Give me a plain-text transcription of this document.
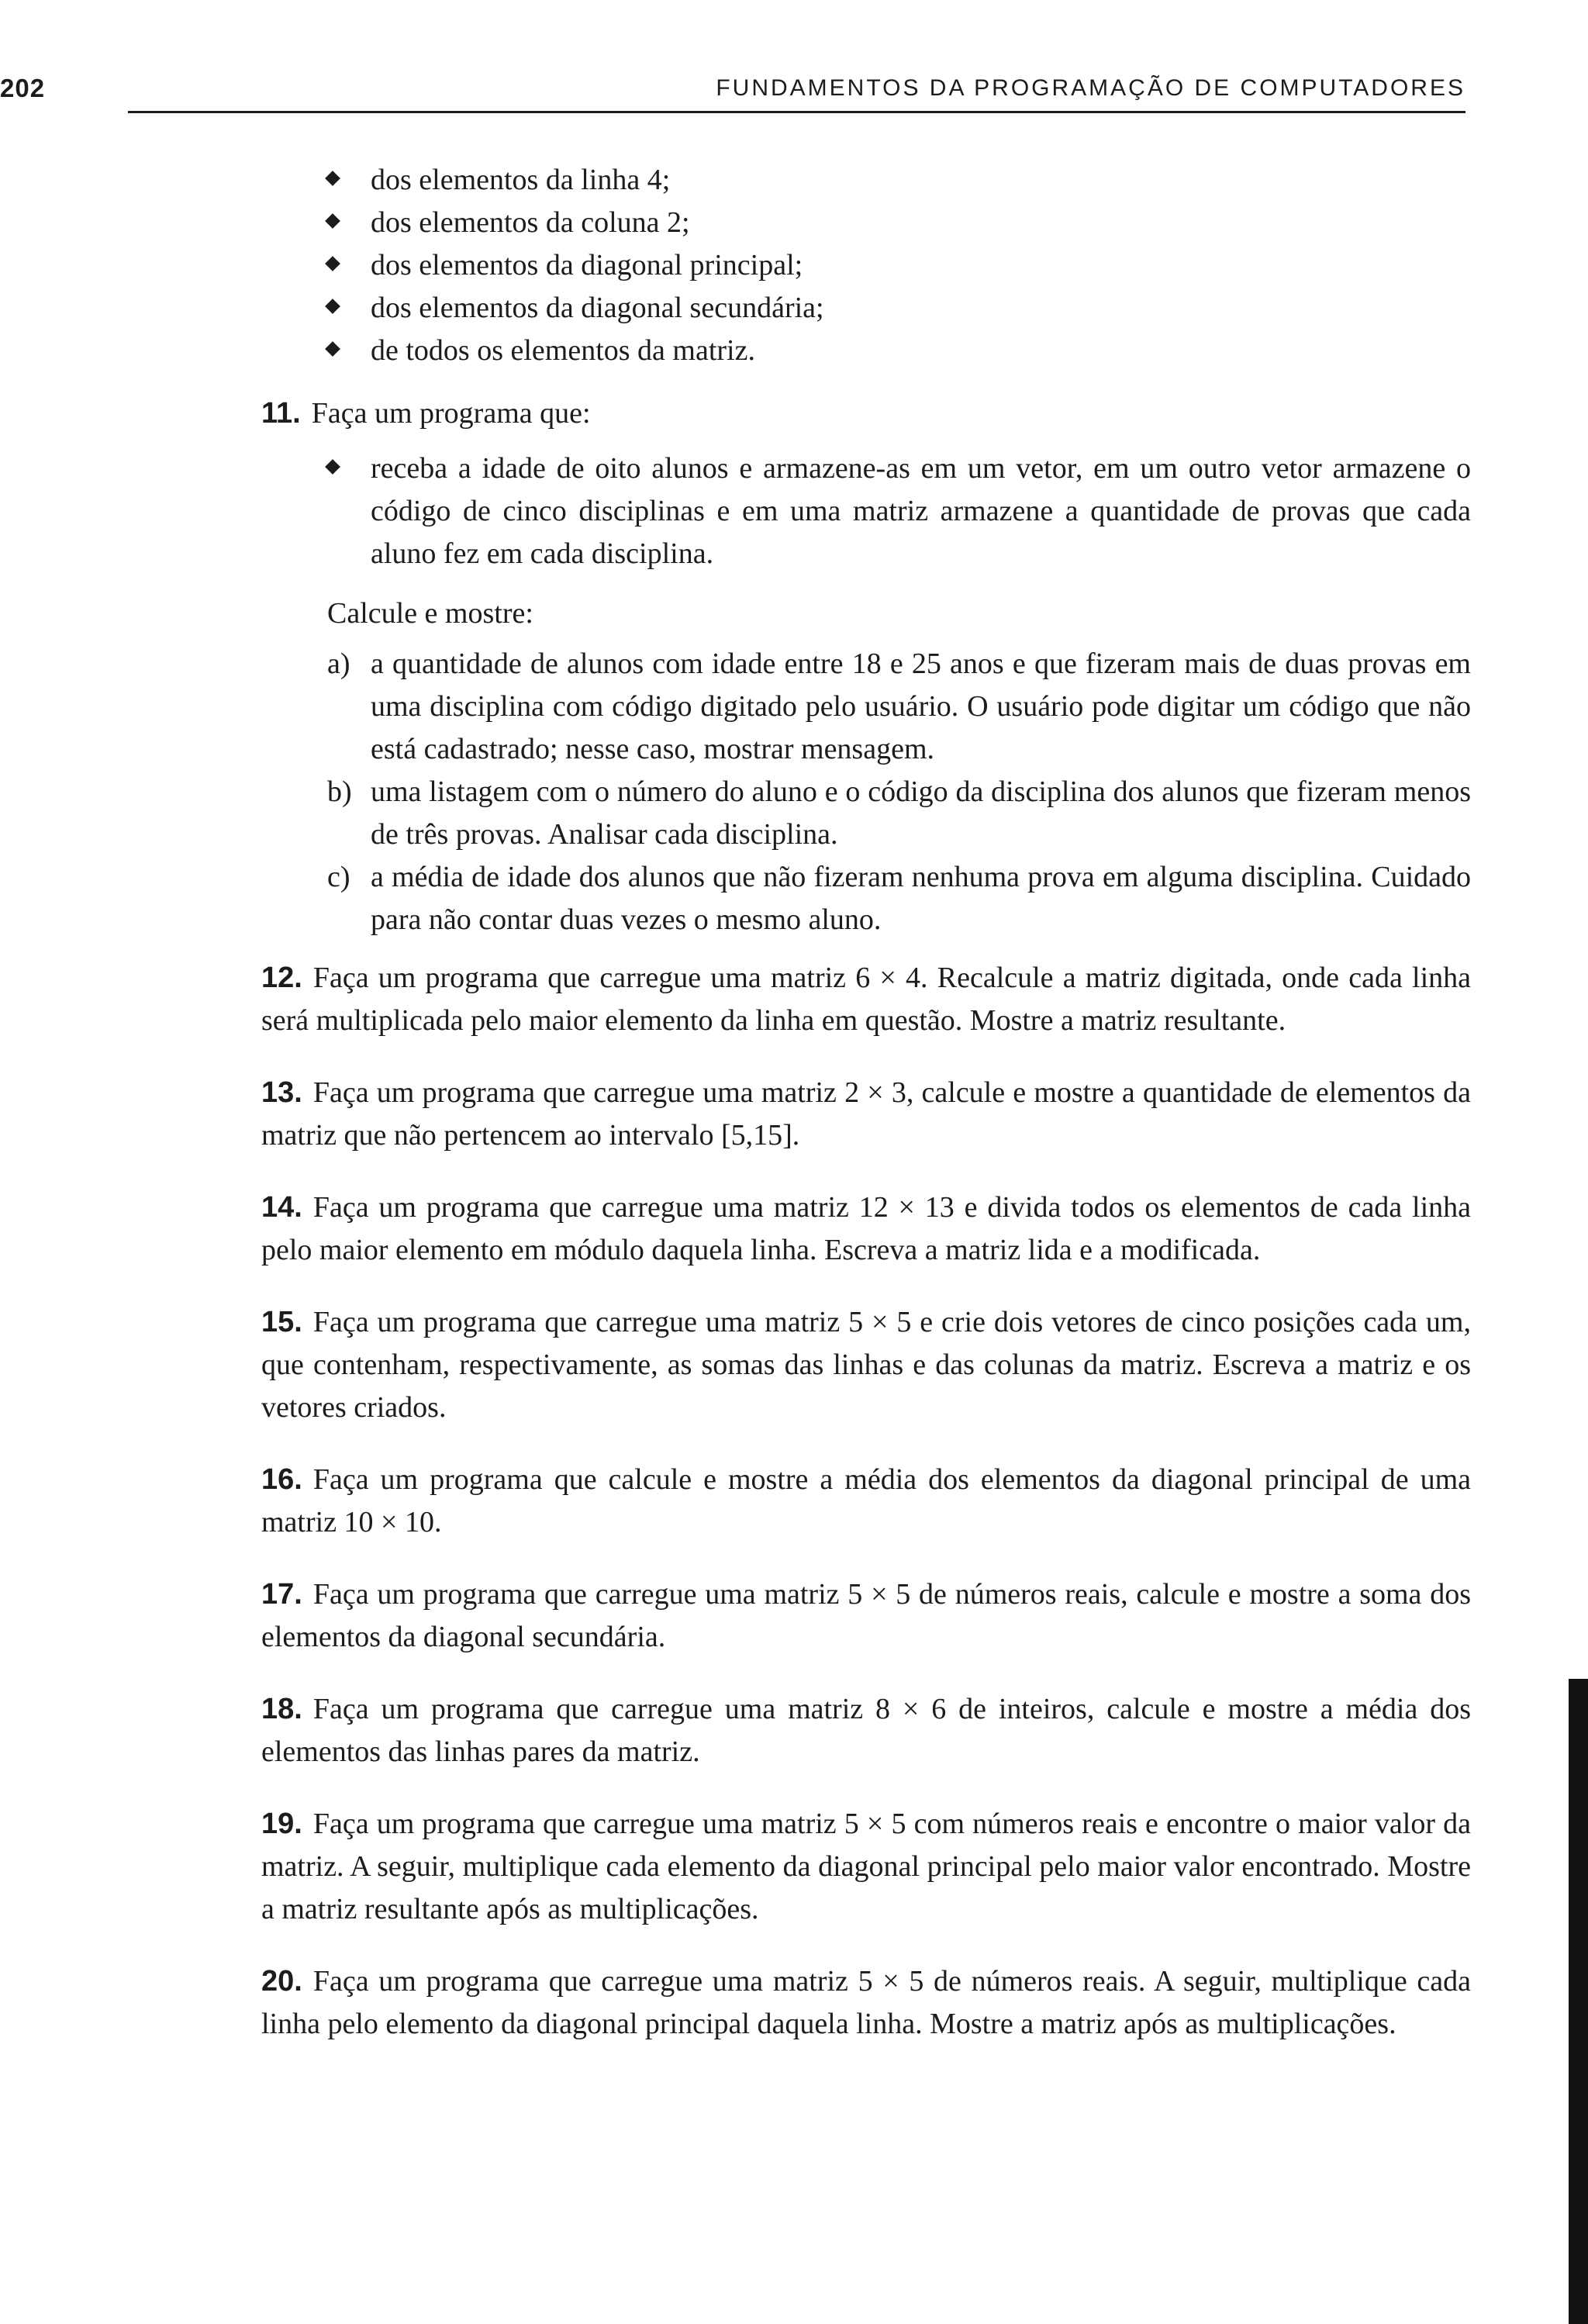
202	FUNDAMENTOS DA PROGRAMAÇÃO DE COMPUTADORES
dos elementos da linha 4;
dos elementos da coluna 2;
dos elementos da diagonal principal;
dos elementos da diagonal secundária;
de todos os elementos da matriz.
11. Faça um programa que:
receba a idade de oito alunos e armazene-as em um vetor, em um outro vetor armazene o código de cinco disciplinas e em uma matriz armazene a quantidade de provas que cada aluno fez em cada disciplina.
Calcule e mostre:
a) a quantidade de alunos com idade entre 18 e 25 anos e que fizeram mais de duas provas em uma disciplina com código digitado pelo usuário. O usuário pode digitar um código que não está cadastrado; nesse caso, mostrar mensagem.
b) uma listagem com o número do aluno e o código da disciplina dos alunos que fizeram menos de três provas. Analisar cada disciplina.
c) a média de idade dos alunos que não fizeram nenhuma prova em alguma disciplina. Cuidado para não contar duas vezes o mesmo aluno.
12. Faça um programa que carregue uma matriz 6 × 4. Recalcule a matriz digitada, onde cada linha será multiplicada pelo maior elemento da linha em questão. Mostre a matriz resultante.
13. Faça um programa que carregue uma matriz 2 × 3, calcule e mostre a quantidade de elementos da matriz que não pertencem ao intervalo [5,15].
14. Faça um programa que carregue uma matriz 12 × 13 e divida todos os elementos de cada linha pelo maior elemento em módulo daquela linha. Escreva a matriz lida e a modificada.
15. Faça um programa que carregue uma matriz 5 × 5 e crie dois vetores de cinco posições cada um, que contenham, respectivamente, as somas das linhas e das colunas da matriz. Escreva a matriz e os vetores criados.
16. Faça um programa que calcule e mostre a média dos elementos da diagonal principal de uma matriz 10 × 10.
17. Faça um programa que carregue uma matriz 5 × 5 de números reais, calcule e mostre a soma dos elementos da diagonal secundária.
18. Faça um programa que carregue uma matriz 8 × 6 de inteiros, calcule e mostre a média dos elementos das linhas pares da matriz.
19. Faça um programa que carregue uma matriz 5 × 5 com números reais e encontre o maior valor da matriz. A seguir, multiplique cada elemento da diagonal principal pelo maior valor encontrado. Mostre a matriz resultante após as multiplicações.
20. Faça um programa que carregue uma matriz 5 × 5 de números reais. A seguir, multiplique cada linha pelo elemento da diagonal principal daquela linha. Mostre a matriz após as multiplicações.
